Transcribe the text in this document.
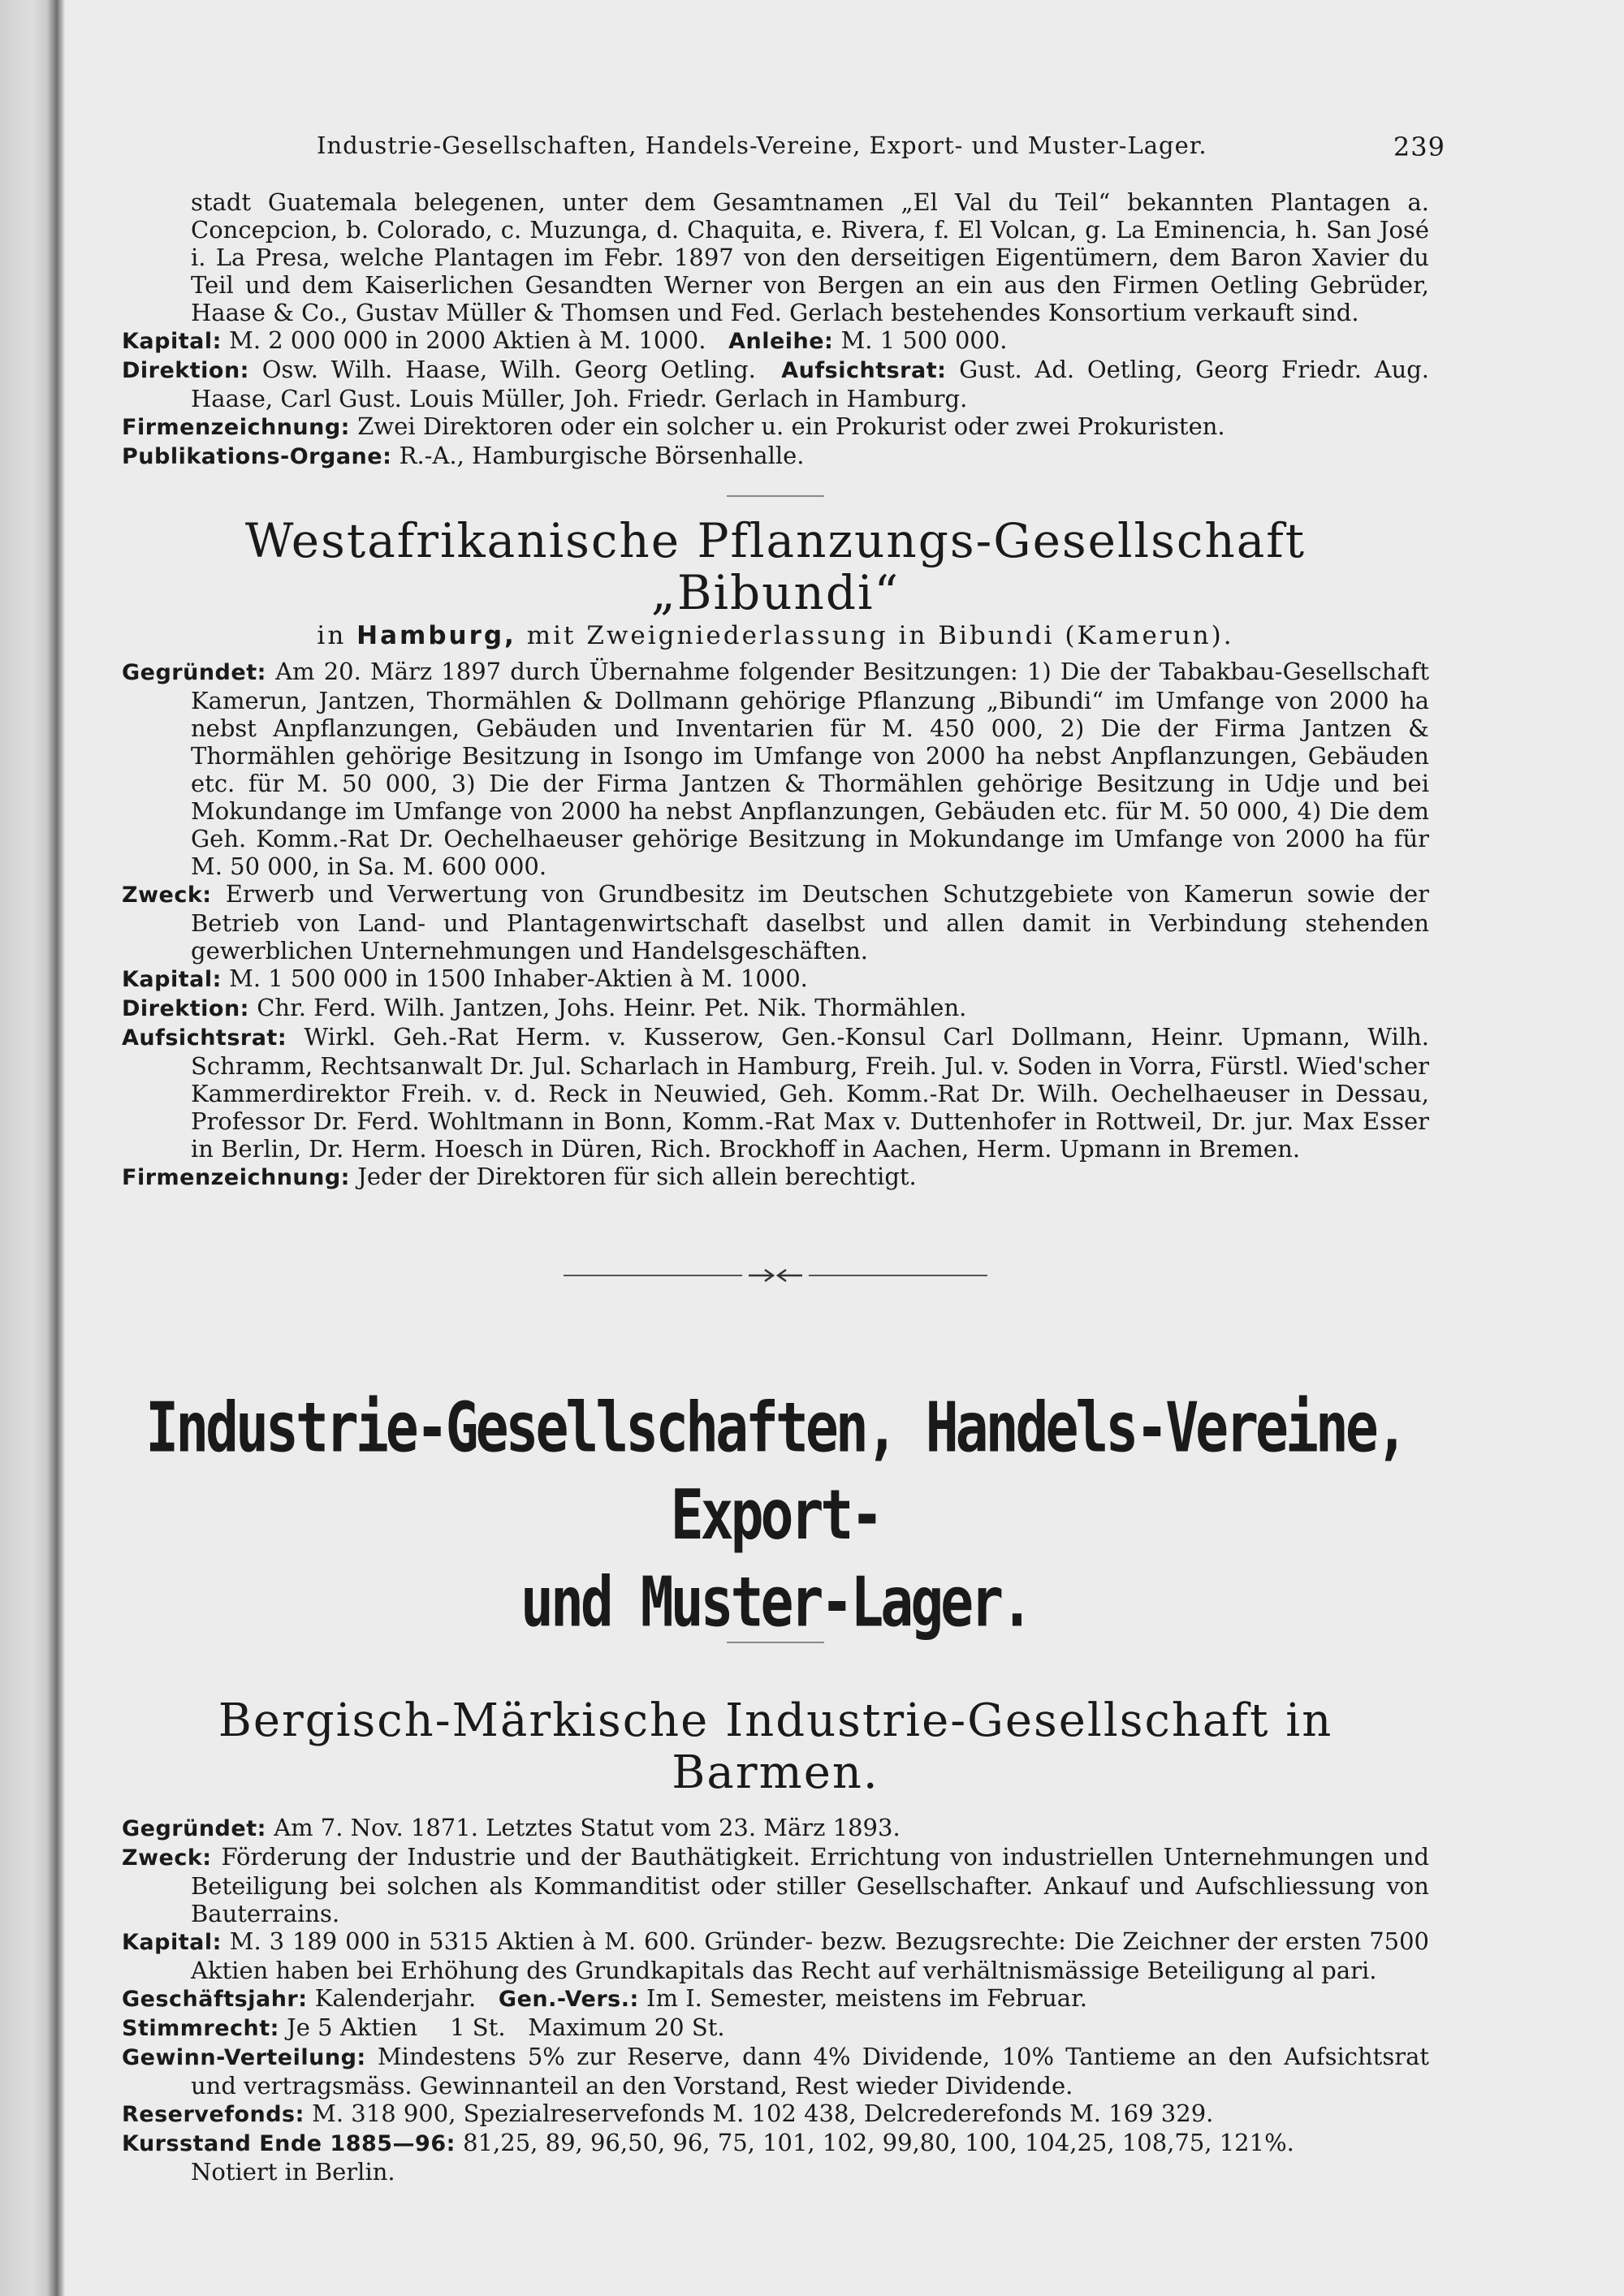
Industrie-Gesellschaften, Handels-Vereine, Export- und Muster-Lager.	239

stadt Guatemala belegenen, unter dem Gesamtnamen „El Val du Teil“ bekannten Plantagen a. Concepcion, b. Colorado, c. Muzunga, d. Chaquita, e. Rivera, f. El Volcan, g. La Eminencia, h. San José i. La Presa, welche Plantagen im Febr. 1897 von den derseitigen Eigentümern, dem Baron Xavier du Teil und dem Kaiserlichen Gesandten Werner von Bergen an ein aus den Firmen Oetling Gebrüder, Haase & Co., Gustav Müller & Thomsen und Fed. Gerlach bestehendes Konsortium verkauft sind.

Kapital: M. 2 000 000 in 2000 Aktien à M. 1000. Anleihe: M. 1 500 000.

Direktion: Osw. Wilh. Haase, Wilh. Georg Oetling. Aufsichtsrat: Gust. Ad. Oetling, Georg Friedr. Aug. Haase, Carl Gust. Louis Müller, Joh. Friedr. Gerlach in Hamburg.

Firmenzeichnung: Zwei Direktoren oder ein solcher u. ein Prokurist oder zwei Prokuristen.

Publikations-Organe: R.-A., Hamburgische Börsenhalle.

Westafrikanische Pflanzungs-Gesellschaft „Bibundi“
in Hamburg, mit Zweigniederlassung in Bibundi (Kamerun).

Gegründet: Am 20. März 1897 durch Übernahme folgender Besitzungen: 1) Die der Tabakbau-Gesellschaft Kamerun, Jantzen, Thormählen & Dollmann gehörige Pflanzung „Bibundi“ im Umfange von 2000 ha nebst Anpflanzungen, Gebäuden und Inventarien für M. 450 000, 2) Die der Firma Jantzen & Thormählen gehörige Besitzung in Isongo im Umfange von 2000 ha nebst Anpflanzungen, Gebäuden etc. für M. 50 000, 3) Die der Firma Jantzen & Thormählen gehörige Besitzung in Udje und bei Mokundange im Umfange von 2000 ha nebst Anpflanzungen, Gebäuden etc. für M. 50 000, 4) Die dem Geh. Komm.-Rat Dr. Oechelhaeuser gehörige Besitzung in Mokundange im Umfange von 2000 ha für M. 50 000, in Sa. M. 600 000.

Zweck: Erwerb und Verwertung von Grundbesitz im Deutschen Schutzgebiete von Kamerun sowie der Betrieb von Land- und Plantagenwirtschaft daselbst und allen damit in Verbindung stehenden gewerblichen Unternehmungen und Handelsgeschäften.

Kapital: M. 1 500 000 in 1500 Inhaber-Aktien à M. 1000.

Direktion: Chr. Ferd. Wilh. Jantzen, Johs. Heinr. Pet. Nik. Thormählen.

Aufsichtsrat: Wirkl. Geh.-Rat Herm. v. Kusserow, Gen.-Konsul Carl Dollmann, Heinr. Upmann, Wilh. Schramm, Rechtsanwalt Dr. Jul. Scharlach in Hamburg, Freih. Jul. v. Soden in Vorra, Fürstl. Wied'scher Kammerdirektor Freih. v. d. Reck in Neuwied, Geh. Komm.-Rat Dr. Wilh. Oechelhaeuser in Dessau, Professor Dr. Ferd. Wohltmann in Bonn, Komm.-Rat Max v. Duttenhofer in Rottweil, Dr. jur. Max Esser in Berlin, Dr. Herm. Hoesch in Düren, Rich. Brockhoff in Aachen, Herm. Upmann in Bremen.

Firmenzeichnung: Jeder der Direktoren für sich allein berechtigt.

Industrie-Gesellschaften, Handels-Vereine, Export-
und Muster-Lager.
Bergisch-Märkische Industrie-Gesellschaft in Barmen.

Gegründet: Am 7. Nov. 1871. Letztes Statut vom 23. März 1893.

Zweck: Förderung der Industrie und der Bauthätigkeit. Errichtung von industriellen Unternehmungen und Beteiligung bei solchen als Kommanditist oder stiller Gesellschafter. Ankauf und Aufschliessung von Bauterrains.

Kapital: M. 3 189 000 in 5315 Aktien à M. 600. Gründer- bezw. Bezugsrechte: Die Zeichner der ersten 7500 Aktien haben bei Erhöhung des Grundkapitals das Recht auf verhältnismässige Beteiligung al pari.

Geschäftsjahr: Kalenderjahr. Gen.-Vers.: Im I. Semester, meistens im Februar.

Stimmrecht: Je 5 Aktien 1 St. Maximum 20 St.

Gewinn-Verteilung: Mindestens 5% zur Reserve, dann 4% Dividende, 10% Tantieme an den Aufsichtsrat und vertragsmäss. Gewinnanteil an den Vorstand, Rest wieder Dividende.

Reservefonds: M. 318 900, Spezialreservefonds M. 102 438, Delcrederefonds M. 169 329.

Kursstand Ende 1885—96: 81,25, 89, 96,50, 96, 75, 101, 102, 99,80, 100, 104,25, 108,75, 121%.

Notiert in Berlin.
